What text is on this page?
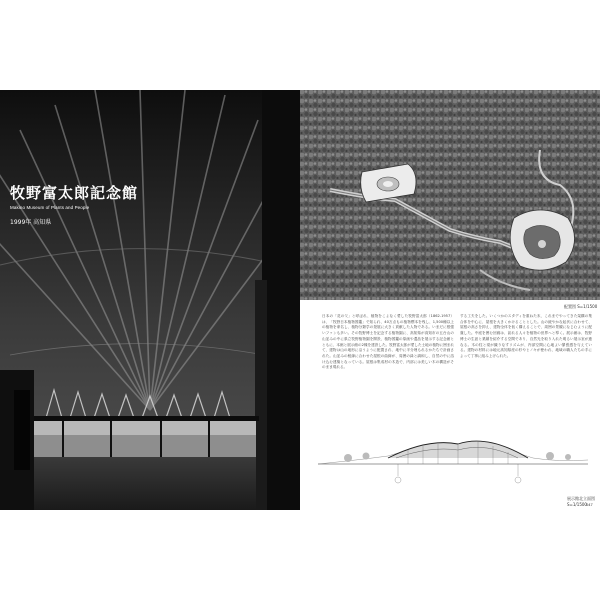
牧野富太郎記念館
Makino Museum of Plants and People
1999年 高知県
配置図 S=1/1500
日本の「花の父」と呼ばれ、植物をこよなく愛した牧野富太郎（1862-1957）は、「牧野日本植物図鑑」で知られ、40万点もの植物標本を残し、1,500種以上の植物を命名し、植物分類学の発展に大きく貢献した人物である。いまだに根強いファンも多い。その牧野博士を記念する植物園に、高知県が高知市の五台山の山並みの中に県立牧野植物園を開設、植物図鑑の原画や遺品を展示する記念館とともに、本館と展示館の2棟を建設した。牧野富太郎が愛した土地の植物に囲まれて、建物は山の地形に沿うように配置され、地中に半分埋もれるかたちで計画された。山並みの稜線に合わせた屋根の曲線が、周囲の緑と調和し、自然の中に溶け込む建築となっている。屋根は集成材の木造で、内部には美しい木の構造がそのまま現れる。
する工夫をした。いくつかのスタディを重ねた末、これまでやってきた架構の集合体を中心に、屋根を大きくかけることとした。山の緩やかな起伏に合わせて、屋根の高さを抑え、建物全体を低く構えることで、周囲の景観になじむように配慮した。中庭を囲む回廊は、訪れる人々を植物の世界へと導く。展示館は、牧野博士の生涯と業績を紹介する空間であり、自然光を取り入れた明るい展示室が連なる。木の柱と梁が織りなすリズムが、内部空間に心地よい緊張感を与えている。建物の材料には地元高知県産の杉やヒノキが使われ、地域の職人たちの手によって丁寧に組み上げられた。
展示館北立面図 S=1/1500 047
